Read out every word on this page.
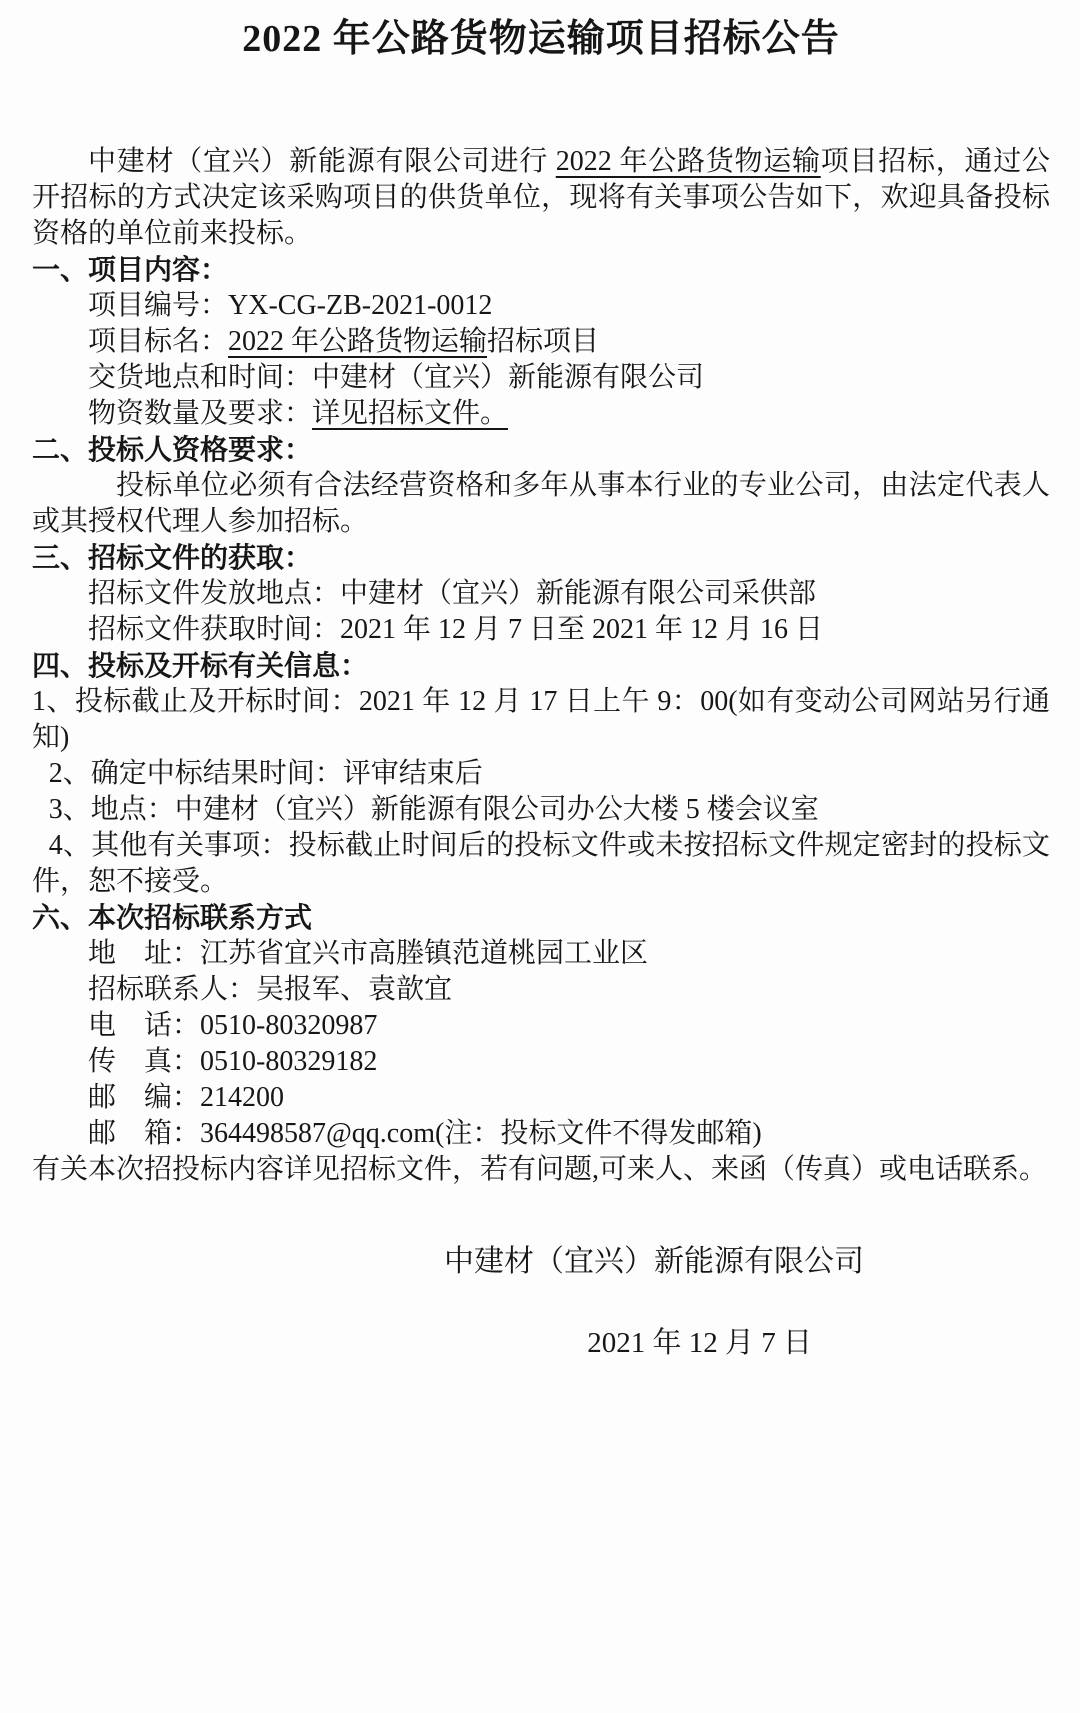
2022 年公路货物运输项目招标公告

中建材（宜兴）新能源有限公司进行 2022 年公路货物运输项目招标，通过公开招标的方式决定该采购项目的供货单位，现将有关事项公告如下，欢迎具备投标资格的单位前来投标。

一、项目内容：

项目编号：YX-CG-ZB-2021-0012

项目标名：2022 年公路货物运输招标项目

交货地点和时间：中建材（宜兴）新能源有限公司

物资数量及要求：详见招标文件。

二、投标人资格要求：

投标单位必须有合法经营资格和多年从事本行业的专业公司，由法定代表人或其授权代理人参加招标。

三、招标文件的获取：

招标文件发放地点：中建材（宜兴）新能源有限公司采供部

招标文件获取时间：2021 年 12 月 7 日至 2021 年 12 月 16 日

四、投标及开标有关信息：

1、投标截止及开标时间：2021 年 12 月 17 日上午 9：00(如有变动公司网站另行通知)

2、确定中标结果时间：评审结束后

3、地点：中建材（宜兴）新能源有限公司办公大楼 5 楼会议室

4、其他有关事项：投标截止时间后的投标文件或未按招标文件规定密封的投标文件，恕不接受。

六、本次招标联系方式

地　址：江苏省宜兴市高塍镇范道桃园工业区

招标联系人：吴报军、袁歆宜

电　话：0510-80320987

传　真：0510-80329182

邮　编：214200

邮　箱：364498587@qq.com(注：投标文件不得发邮箱)

有关本次招投标内容详见招标文件，若有问题,可来人、来函（传真）或电话联系。

中建材（宜兴）新能源有限公司
2021 年 12 月 7 日
